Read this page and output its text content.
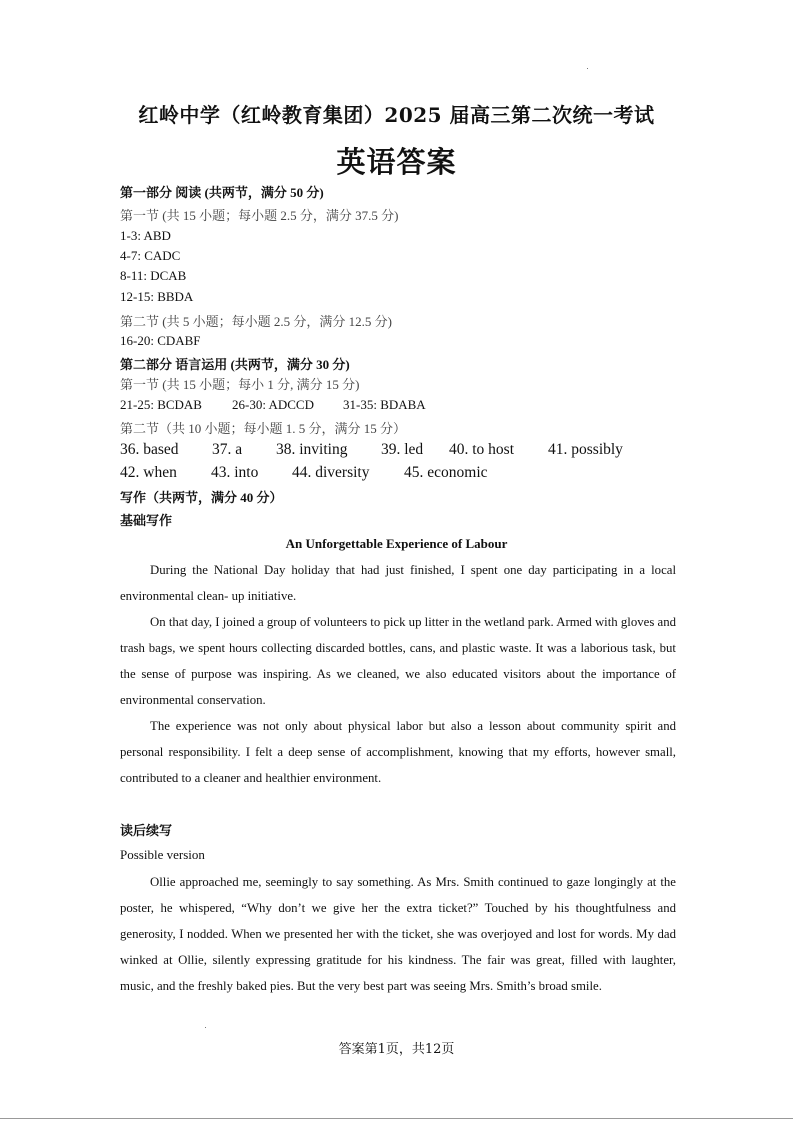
红岭中学（红岭教育集团）2025 届高三第二次统一考试
英语答案
第一部分 阅读 (共两节，满分 50 分)
第一节 (共 15 小题；每小题 2.5 分，满分 37.5 分)
1-3: ABD
4-7: CADC
8-11: DCAB
12-15: BBDA
第二节 (共 5 小题；每小题 2.5 分，满分 12.5 分)
16-20: CDABF
第二部分 语言运用 (共两节，满分 30 分)
第一节 (共 15 小题；每小 1 分, 满分 15 分)
21-25: BCDAB 26-30: ADCCD 31-35: BDABA
第二节（共 10 小题；每小题 1. 5 分，满分 15 分）
36. based 37. a 38. inviting 39. led 40. to host 41. possibly
42. when 43. into 44. diversity 45. economic
写作（共两节，满分 40 分）
基础写作
An Unforgettable Experience of Labour
During the National Day holiday that had just finished, I spent one day participating in a local environmental clean- up initiative.
On that day, I joined a group of volunteers to pick up litter in the wetland park. Armed with gloves and trash bags, we spent hours collecting discarded bottles, cans, and plastic waste. It was a laborious task, but the sense of purpose was inspiring. As we cleaned, we also educated visitors about the importance of environmental conservation.
The experience was not only about physical labor but also a lesson about community spirit and personal responsibility. I felt a deep sense of accomplishment, knowing that my efforts, however small, contributed to a cleaner and healthier environment.
读后续写
Possible version
Ollie approached me, seemingly to say something. As Mrs. Smith continued to gaze longingly at the poster, he whispered, “Why don’t we give her the extra ticket?” Touched by his thoughtfulness and generosity, I nodded. When we presented her with the ticket, she was overjoyed and lost for words. My dad winked at Ollie, silently expressing gratitude for his kindness. The fair was great, filled with laughter, music, and the freshly baked pies. But the very best part was seeing Mrs. Smith’s broad smile.
答案第1页，共12页
